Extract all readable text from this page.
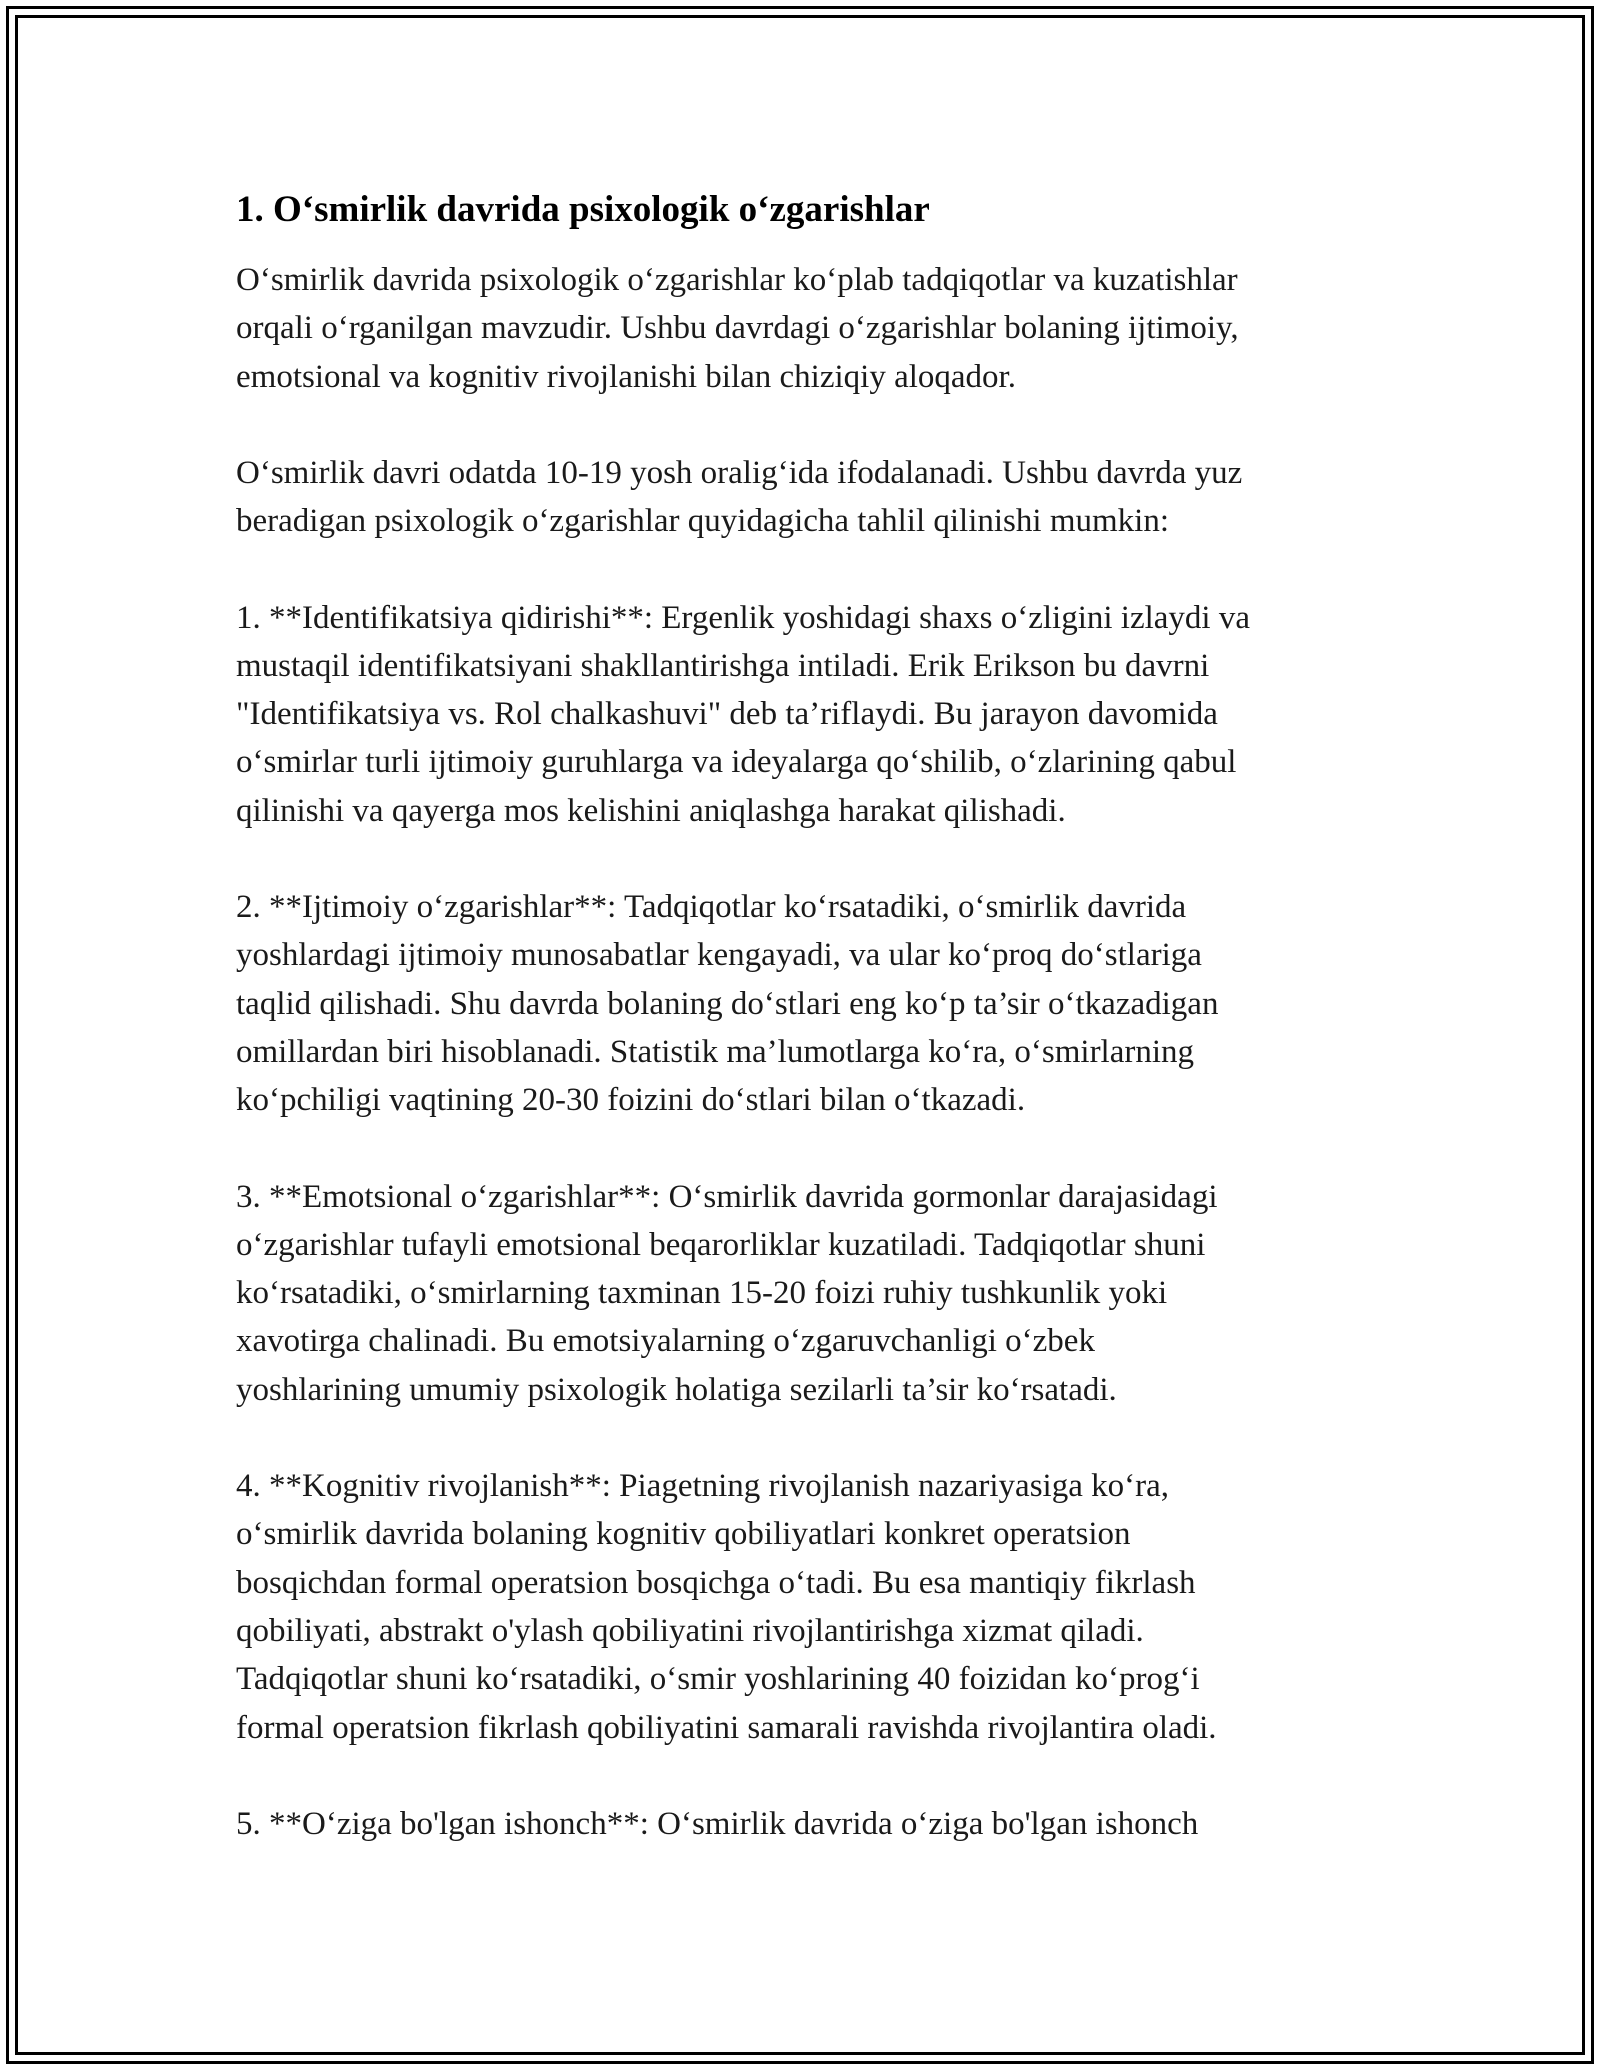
1. O‘smirlik davrida psixologik o‘zgarishlar

O‘smirlik davrida psixologik o‘zgarishlar ko‘plab tadqiqotlar va kuzatishlar
orqali o‘rganilgan mavzudir. Ushbu davrdagi o‘zgarishlar bolaning ijtimoiy,
emotsional va kognitiv rivojlanishi bilan chiziqiy aloqador.

O‘smirlik davri odatda 10-19 yosh oralig‘ida ifodalanadi. Ushbu davrda yuz
beradigan psixologik o‘zgarishlar quyidagicha tahlil qilinishi mumkin:

1. **Identifikatsiya qidirishi**: Ergenlik yoshidagi shaxs o‘zligini izlaydi va
mustaqil identifikatsiyani shakllantirishga intiladi. Erik Erikson bu davrni
"Identifikatsiya vs. Rol chalkashuvi" deb ta’riflaydi. Bu jarayon davomida
o‘smirlar turli ijtimoiy guruhlarga va ideyalarga qo‘shilib, o‘zlarining qabul
qilinishi va qayerga mos kelishini aniqlashga harakat qilishadi.

2. **Ijtimoiy o‘zgarishlar**: Tadqiqotlar ko‘rsatadiki, o‘smirlik davrida
yoshlardagi ijtimoiy munosabatlar kengayadi, va ular ko‘proq do‘stlariga
taqlid qilishadi. Shu davrda bolaning do‘stlari eng ko‘p ta’sir o‘tkazadigan
omillardan biri hisoblanadi. Statistik ma’lumotlarga ko‘ra, o‘smirlarning
ko‘pchiligi vaqtining 20-30 foizini do‘stlari bilan o‘tkazadi.

3. **Emotsional o‘zgarishlar**: O‘smirlik davrida gormonlar darajasidagi
o‘zgarishlar tufayli emotsional beqarorliklar kuzatiladi. Tadqiqotlar shuni
ko‘rsatadiki, o‘smirlarning taxminan 15-20 foizi ruhiy tushkunlik yoki
xavotirga chalinadi. Bu emotsiyalarning o‘zgaruvchanligi o‘zbek
yoshlarining umumiy psixologik holatiga sezilarli ta’sir ko‘rsatadi.

4. **Kognitiv rivojlanish**: Piagetning rivojlanish nazariyasiga ko‘ra,
o‘smirlik davrida bolaning kognitiv qobiliyatlari konkret operatsion
bosqichdan formal operatsion bosqichga o‘tadi. Bu esa mantiqiy fikrlash
qobiliyati, abstrakt o'ylash qobiliyatini rivojlantirishga xizmat qiladi.
Tadqiqotlar shuni ko‘rsatadiki, o‘smir yoshlarining 40 foizidan ko‘prog‘i
formal operatsion fikrlash qobiliyatini samarali ravishda rivojlantira oladi.

5. **O‘ziga bo'lgan ishonch**: O‘smirlik davrida o‘ziga bo'lgan ishonch
